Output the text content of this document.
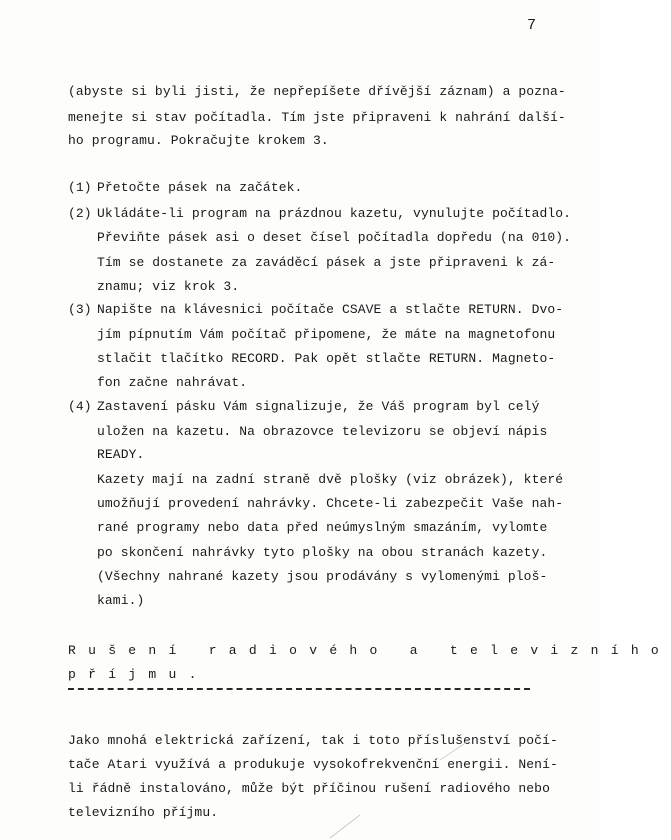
7
(abyste si byli jisti, že nepřepíšete dřívější záznam) a pozna-
menejte si stav počítadla. Tím jste připraveni k nahrání další-
ho programu. Pokračujte krokem 3.
(1) Přetočte pásek na začátek.
(2) Ukládáte-li program na prázdnou kazetu, vynulujte počítadlo.
Převiňte pásek asi o deset čísel počítadla dopředu (na 010).
Tím se dostanete za zaváděcí pásek a jste připraveni k zá-
znamu; viz krok 3.
(3) Napište na klávesnici počítače CSAVE a stlačte RETURN. Dvo-
jím pípnutím Vám počítač připomene, že máte na magnetofonu
stlačit tlačítko RECORD. Pak opět stlačte RETURN. Magneto-
fon začne nahrávat.
(4) Zastavení pásku Vám signalizuje, že Váš program byl celý
uložen na kazetu. Na obrazovce televizoru se objeví nápis
READY.
Kazety mají na zadní straně dvě plošky (viz obrázek), které
umožňují provedení nahrávky. Chcete-li zabezpečit Vaše nah-
rané programy nebo data před neúmyslným smazáním, vylomte
po skončení nahrávky tyto plošky na obou stranách kazety.
(Všechny nahrané kazety jsou prodávány s vylomenými ploš-
kami.)
Rušení radiového a televizního
příjmu.
Jako mnohá elektrická zařízení, tak i toto příslušenství počí-
tače Atari využívá a produkuje vysokofrekvenční energii. Není-
li řádně instalováno, může být příčinou rušení radiového nebo
televizního příjmu.
